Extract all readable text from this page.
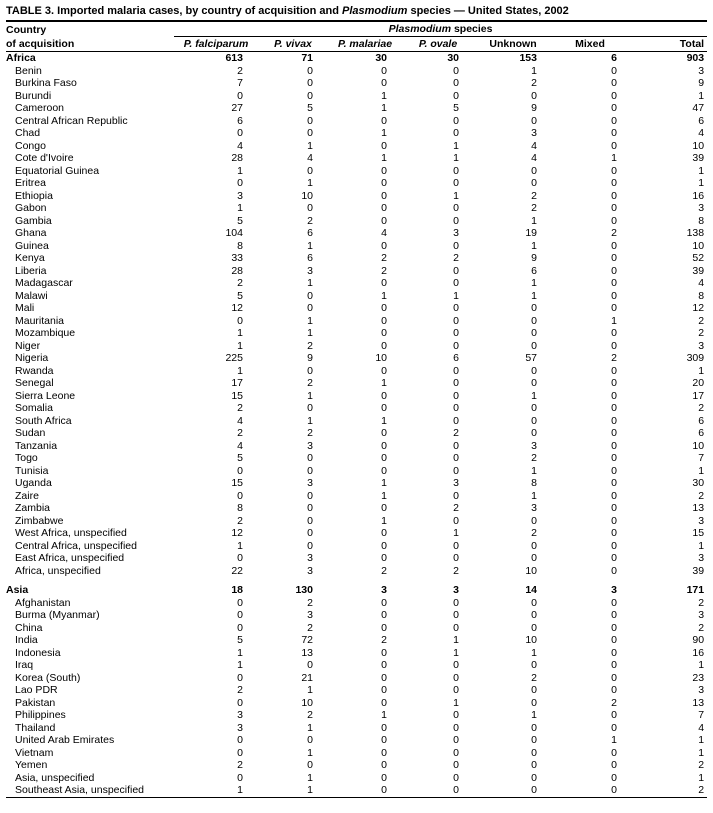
TABLE 3. Imported malaria cases, by country of acquisition and Plasmodium species — United States, 2002
Country	Plasmodium species						
of acquisition	P. falciparum	P. vivax	P. malariae	P. ovale	Unknown	Mixed	Total
Africa	613	71	30	30	153	6	903
Benin	2	0	0	0	1	0	3
Burkina Faso	7	0	0	0	2	0	9
Burundi	0	0	1	0	0	0	1
Cameroon	27	5	1	5	9	0	47
Central African Republic	6	0	0	0	0	0	6
Chad	0	0	1	0	3	0	4
Congo	4	1	0	1	4	0	10
Cote d'Ivoire	28	4	1	1	4	1	39
Equatorial Guinea	1	0	0	0	0	0	1
Eritrea	0	1	0	0	0	0	1
Ethiopia	3	10	0	1	2	0	16
Gabon	1	0	0	0	2	0	3
Gambia	5	2	0	0	1	0	8
Ghana	104	6	4	3	19	2	138
Guinea	8	1	0	0	1	0	10
Kenya	33	6	2	2	9	0	52
Liberia	28	3	2	0	6	0	39
Madagascar	2	1	0	0	1	0	4
Malawi	5	0	1	1	1	0	8
Mali	12	0	0	0	0	0	12
Mauritania	0	1	0	0	0	1	2
Mozambique	1	1	0	0	0	0	2
Niger	1	2	0	0	0	0	3
Nigeria	225	9	10	6	57	2	309
Rwanda	1	0	0	0	0	0	1
Senegal	17	2	1	0	0	0	20
Sierra Leone	15	1	0	0	1	0	17
Somalia	2	0	0	0	0	0	2
South Africa	4	1	1	0	0	0	6
Sudan	2	2	0	2	0	0	6
Tanzania	4	3	0	0	3	0	10
Togo	5	0	0	0	2	0	7
Tunisia	0	0	0	0	1	0	1
Uganda	15	3	1	3	8	0	30
Zaire	0	0	1	0	1	0	2
Zambia	8	0	0	2	3	0	13
Zimbabwe	2	0	1	0	0	0	3
West Africa, unspecified	12	0	0	1	2	0	15
Central Africa, unspecified	1	0	0	0	0	0	1
East Africa, unspecified	0	3	0	0	0	0	3
Africa, unspecified	22	3	2	2	10	0	39
Asia	18	130	3	3	14	3	171
Afghanistan	0	2	0	0	0	0	2
Burma (Myanmar)	0	3	0	0	0	0	3
China	0	2	0	0	0	0	2
India	5	72	2	1	10	0	90
Indonesia	1	13	0	1	1	0	16
Iraq	1	0	0	0	0	0	1
Korea (South)	0	21	0	0	2	0	23
Lao PDR	2	1	0	0	0	0	3
Pakistan	0	10	0	1	0	2	13
Philippines	3	2	1	0	1	0	7
Thailand	3	1	0	0	0	0	4
United Arab Emirates	0	0	0	0	0	1	1
Vietnam	0	1	0	0	0	0	1
Yemen	2	0	0	0	0	0	2
Asia, unspecified	0	1	0	0	0	0	1
Southeast Asia, unspecified	1	1	0	0	0	0	2
